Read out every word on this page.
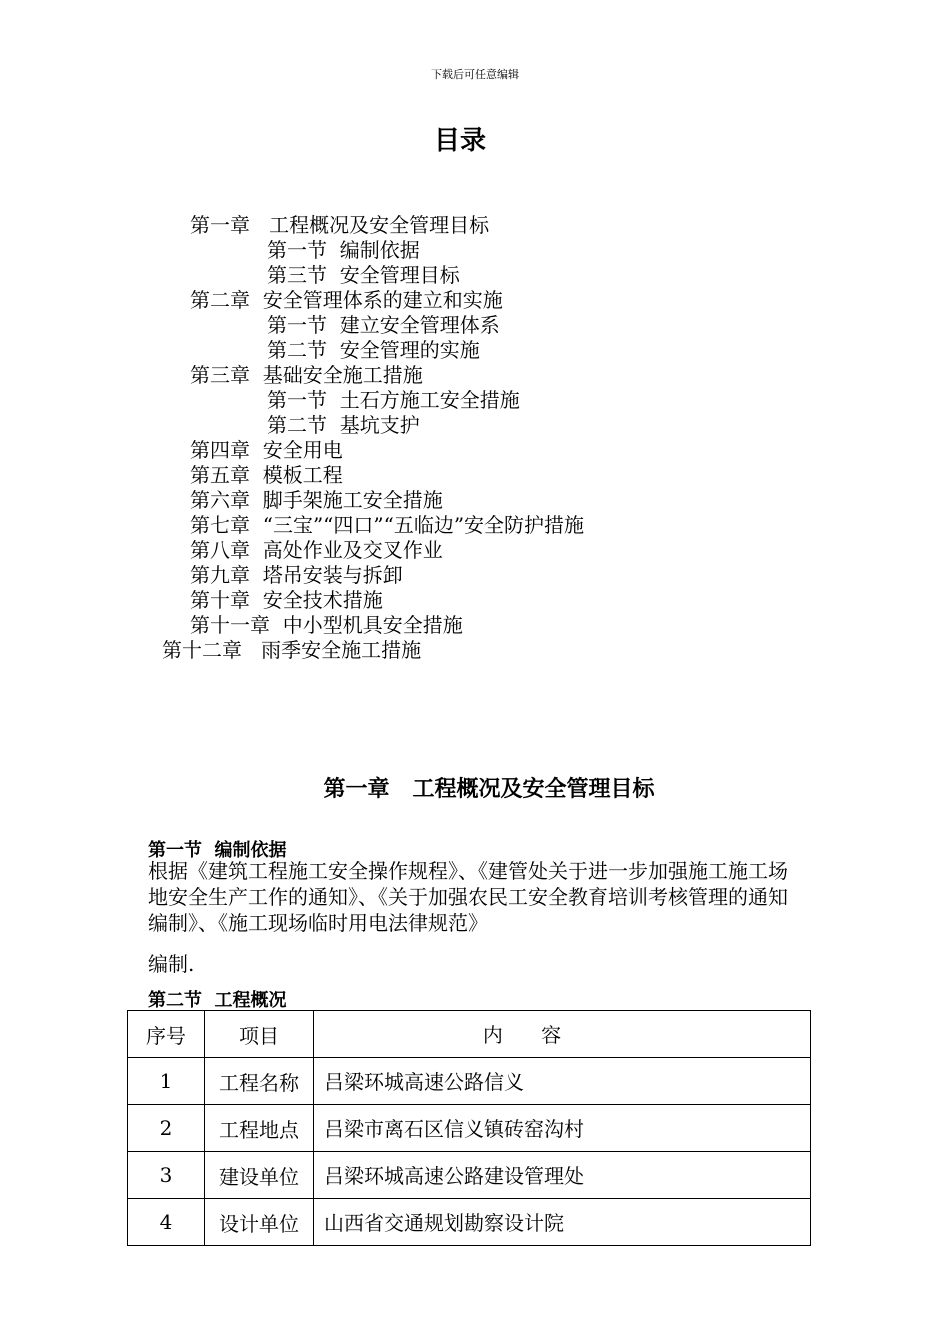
下载后可任意编辑
目录
第一章   工程概况及安全管理目标
第一节  编制依据
第三节  安全管理目标
第二章  安全管理体系的建立和实施
第一节  建立安全管理体系
第二节  安全管理的实施
第三章  基础安全施工措施
第一节  土石方施工安全措施
第二节  基坑支护
第四章  安全用电
第五章  模板工程
第六章  脚手架施工安全措施
第七章  “三宝”“四口”“五临边”安全防护措施
第八章  高处作业及交叉作业
第九章  塔吊安装与拆卸
第十章  安全技术措施
第十一章  中小型机具安全措施
第十二章   雨季安全施工措施
第一章   工程概况及安全管理目标
第一节  编制依据
根据《建筑工程施工安全操作规程》、《建管处关于进一步加强施工施工场地安全生产工作的通知》、《关于加强农民工安全教育培训考核管理的通知编制》、《施工现场临时用电法律规范》
编制.
第二节  工程概况
序号	项目	内      容
1	工程名称	吕梁环城高速公路信义
2	工程地点	吕梁市离石区信义镇砖窑沟村
3	建设单位	吕梁环城高速公路建设管理处
4	设计单位	山西省交通规划勘察设计院
